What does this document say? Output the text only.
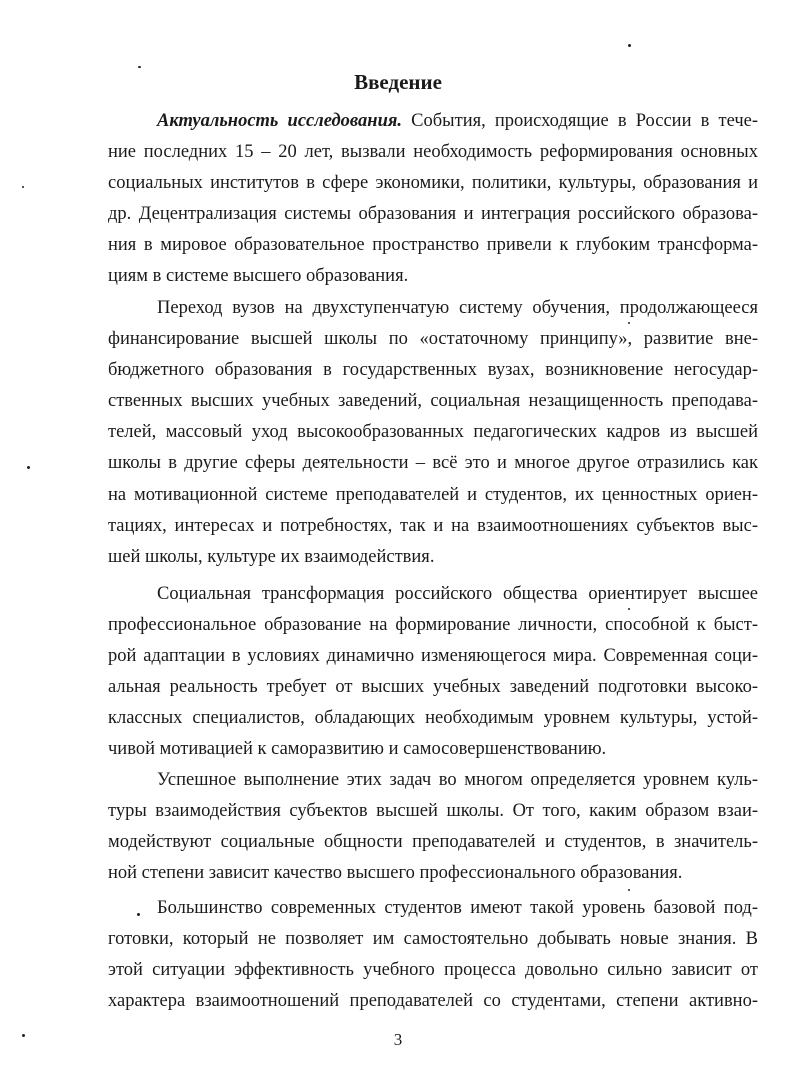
Введение
Актуальность исследования. События, происходящие в России в тече-
ние последних 15 – 20 лет, вызвали необходимость реформирования основных
социальных институтов в сфере экономики, политики, культуры, образования и
др. Децентрализация системы образования и интеграция российского образова-
ния в мировое образовательное пространство привели к глубоким трансформа-
циям в системе высшего образования.
Переход вузов на двухступенчатую систему обучения, продолжающееся
финансирование высшей школы по «остаточному принципу», развитие вне-
бюджетного образования в государственных вузах, возникновение негосудар-
ственных высших учебных заведений, социальная незащищенность преподава-
телей, массовый уход высокообразованных педагогических кадров из высшей
школы в другие сферы деятельности – всё это и многое другое отразились как
на мотивационной системе преподавателей и студентов, их ценностных ориен-
тациях, интересах и потребностях, так и на взаимоотношениях субъектов выс-
шей школы, культуре их взаимодействия.
Социальная трансформация российского общества ориентирует высшее
профессиональное образование на формирование личности, способной к быст-
рой адаптации в условиях динамично изменяющегося мира. Современная соци-
альная реальность требует от высших учебных заведений подготовки высоко-
классных специалистов, обладающих необходимым уровнем культуры, устой-
чивой мотивацией к саморазвитию и самосовершенствованию.
Успешное выполнение этих задач во многом определяется уровнем куль-
туры взаимодействия субъектов высшей школы. От того, каким образом взаи-
модействуют социальные общности преподавателей и студентов, в значитель-
ной степени зависит качество высшего профессионального образования.
Большинство современных студентов имеют такой уровень базовой под-
готовки, который не позволяет им самостоятельно добывать новые знания. В
этой ситуации эффективность учебного процесса довольно сильно зависит от
характера взаимоотношений преподавателей со студентами, степени активно-
3
